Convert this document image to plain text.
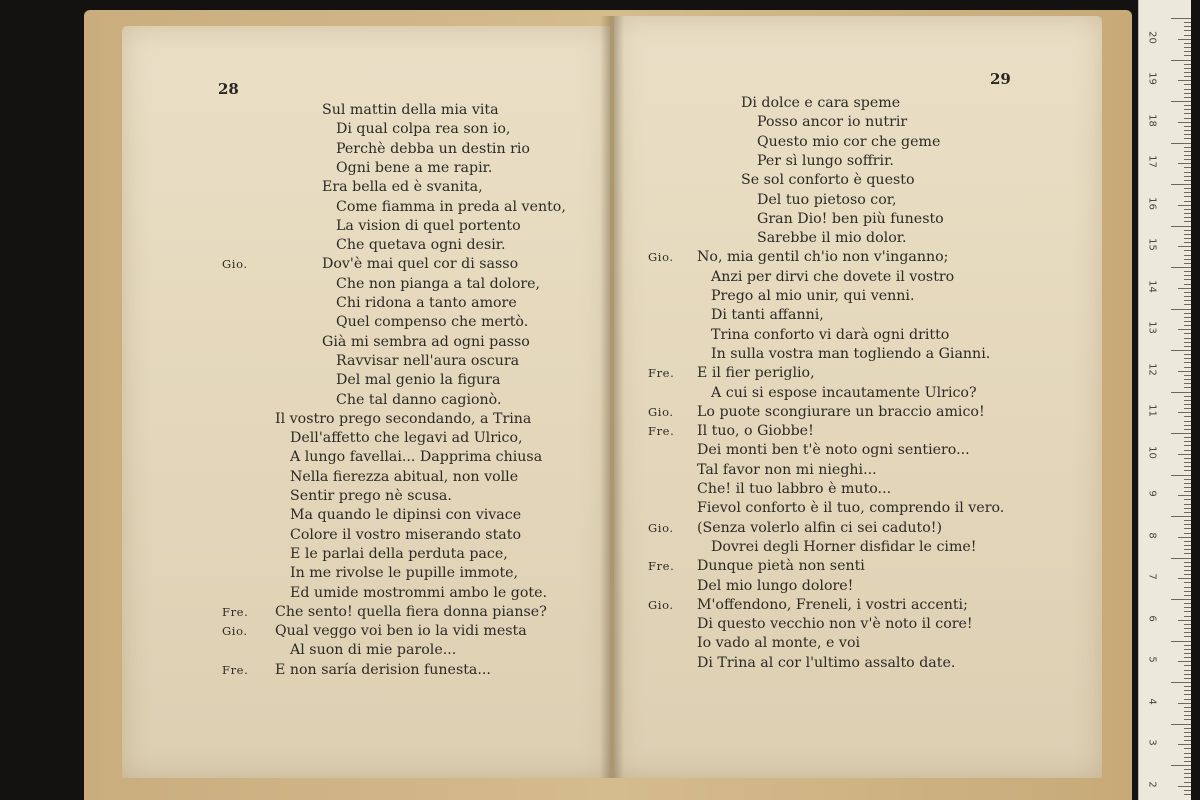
28
29
Sul mattin della mia vita
Di qual colpa rea son io,
Perchè debba un destin rio
Ogni bene a me rapir.
Era bella ed è svanita,
Come fiamma in preda al vento,
La vision di quel portento
Che quetava ogni desir.
Gio.	Dov'è mai quel cor di sasso
Che non pianga a tal dolore,
Chi ridona a tanto amore
Quel compenso che mertò.
Già mi sembra ad ogni passo
Ravvisar nell'aura oscura
Del mal genio la figura
Che tal danno cagionò.
Il vostro prego secondando, a Trina
Dell'affetto che legavi ad Ulrico,
A lungo favellai... Dapprima chiusa
Nella fierezza abitual, non volle
Sentir prego nè scusa.
Ma quando le dipinsi con vivace
Colore il vostro miserando stato
E le parlai della perduta pace,
In me rivolse le pupille immote,
Ed umide mostrommi ambo le gote.
Fre. Che sento! quella fiera donna pianse?
Gio. Qual veggo voi ben io la vidi mesta
Al suon di mie parole...
Fre. E non saría derision funesta...
Di dolce e cara speme
Posso ancor io nutrir
Questo mio cor che geme
Per sì lungo soffrir.
Se sol conforto è questo
Del tuo pietoso cor,
Gran Dio! ben più funesto
Sarebbe il mio dolor.
Gio. No, mia gentil ch'io non v'inganno;
Anzi per dirvi che dovete il vostro
Prego al mio unir, qui venni.
Di tanti affanni,
Trina conforto vi darà ogni dritto
In sulla vostra man togliendo a Gianni.
Fre. E il fier periglio,
A cui si espose incautamente Ulrico?
Gio. Lo puote scongiurare un braccio amico!
Fre. Il tuo, o Giobbe!
Dei monti ben t'è noto ogni sentiero...
Tal favor non mi nieghi...
Che! il tuo labbro è muto...
Fievol conforto è il tuo, comprendo il vero.
Gio. (Senza volerlo alfin ci sei caduto!)
Dovrei degli Horner disfidar le cime!
Fre. Dunque pietà non senti
Del mio lungo dolore!
Gio. M'offendono, Freneli, i vostri accenti;
Di questo vecchio non v'è noto il core!
Io vado al monte, e voi
Di Trina al cor l'ultimo assalto date.
20
19
18
17
16
15
14
13
12
11
10
9
8
7
6
5
4
3
2
